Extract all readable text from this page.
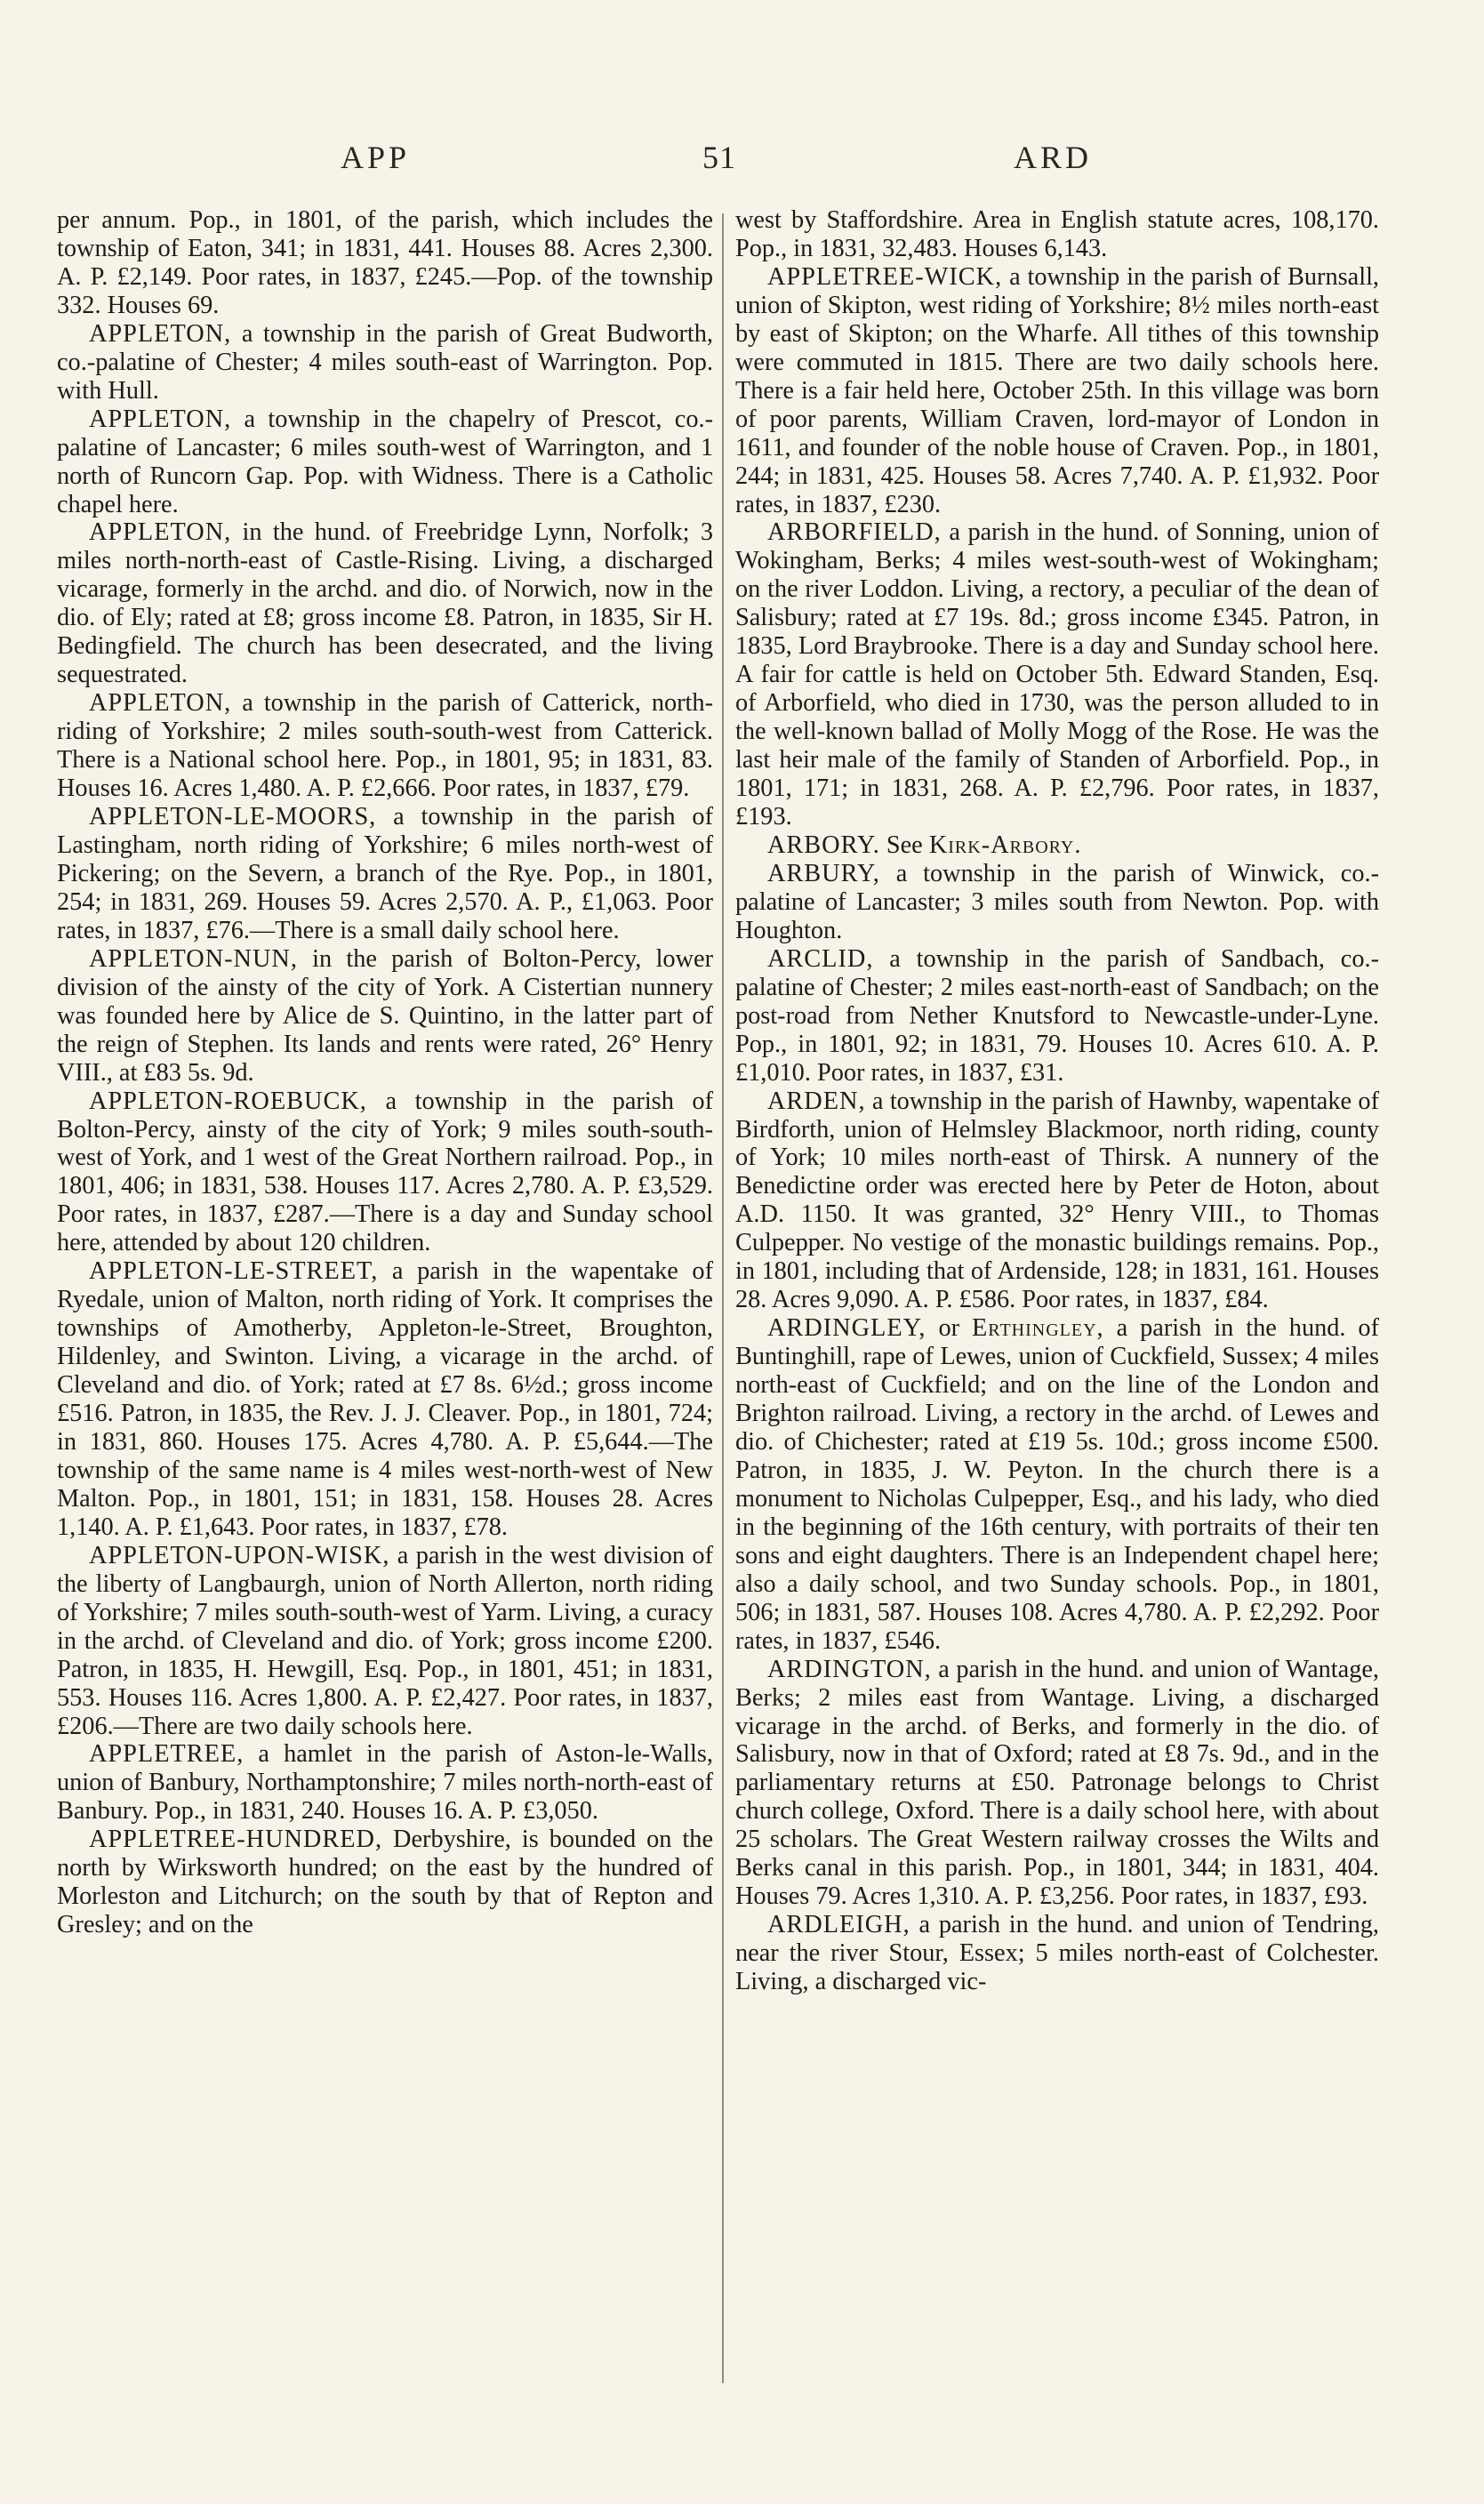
APP	51	ARD

per annum. Pop., in 1801, of the parish, which includes the township of Eaton, 341; in 1831, 441. Houses 88. Acres 2,300. A. P. £2,149. Poor rates, in 1837, £245.—Pop. of the township 332. Houses 69.

APPLETON, a township in the parish of Great Budworth, co.-palatine of Chester; 4 miles south-east of Warrington. Pop. with Hull.

APPLETON, a township in the chapelry of Prescot, co.-palatine of Lancaster; 6 miles south-west of Warrington, and 1 north of Runcorn Gap. Pop. with Widness. There is a Catholic chapel here.

APPLETON, in the hund. of Freebridge Lynn, Norfolk; 3 miles north-north-east of Castle-Rising. Living, a discharged vicarage, formerly in the archd. and dio. of Norwich, now in the dio. of Ely; rated at £8; gross income £8. Patron, in 1835, Sir H. Bedingfield. The church has been desecrated, and the living sequestrated.

APPLETON, a township in the parish of Catterick, north-riding of Yorkshire; 2 miles south-south-west from Catterick. There is a National school here. Pop., in 1801, 95; in 1831, 83. Houses 16. Acres 1,480. A. P. £2,666. Poor rates, in 1837, £79.

APPLETON-LE-MOORS, a township in the parish of Lastingham, north riding of Yorkshire; 6 miles north-west of Pickering; on the Severn, a branch of the Rye. Pop., in 1801, 254; in 1831, 269. Houses 59. Acres 2,570. A. P., £1,063. Poor rates, in 1837, £76.—There is a small daily school here.

APPLETON-NUN, in the parish of Bolton-Percy, lower division of the ainsty of the city of York. A Cistertian nunnery was founded here by Alice de S. Quintino, in the latter part of the reign of Stephen. Its lands and rents were rated, 26° Henry VIII., at £83 5s. 9d.

APPLETON-ROEBUCK, a township in the parish of Bolton-Percy, ainsty of the city of York; 9 miles south-south-west of York, and 1 west of the Great Northern railroad. Pop., in 1801, 406; in 1831, 538. Houses 117. Acres 2,780. A. P. £3,529. Poor rates, in 1837, £287.—There is a day and Sunday school here, attended by about 120 children.

APPLETON-LE-STREET, a parish in the wapentake of Ryedale, union of Malton, north riding of York. It comprises the townships of Amotherby, Appleton-le-Street, Broughton, Hildenley, and Swinton. Living, a vicarage in the archd. of Cleveland and dio. of York; rated at £7 8s. 6½d.; gross income £516. Patron, in 1835, the Rev. J. J. Cleaver. Pop., in 1801, 724; in 1831, 860. Houses 175. Acres 4,780. A. P. £5,644.—The township of the same name is 4 miles west-north-west of New Malton. Pop., in 1801, 151; in 1831, 158. Houses 28. Acres 1,140. A. P. £1,643. Poor rates, in 1837, £78.

APPLETON-UPON-WISK, a parish in the west division of the liberty of Langbaurgh, union of North Allerton, north riding of Yorkshire; 7 miles south-south-west of Yarm. Living, a curacy in the archd. of Cleveland and dio. of York; gross income £200. Patron, in 1835, H. Hewgill, Esq. Pop., in 1801, 451; in 1831, 553. Houses 116. Acres 1,800. A. P. £2,427. Poor rates, in 1837, £206.—There are two daily schools here.

APPLETREE, a hamlet in the parish of Aston-le-Walls, union of Banbury, Northamptonshire; 7 miles north-north-east of Banbury. Pop., in 1831, 240. Houses 16. A. P. £3,050.

APPLETREE-HUNDRED, Derbyshire, is bounded on the north by Wirksworth hundred; on the east by the hundred of Morleston and Litchurch; on the south by that of Repton and Gresley; and on the

west by Staffordshire. Area in English statute acres, 108,170. Pop., in 1831, 32,483. Houses 6,143.

APPLETREE-WICK, a township in the parish of Burnsall, union of Skipton, west riding of Yorkshire; 8½ miles north-east by east of Skipton; on the Wharfe. All tithes of this township were commuted in 1815. There are two daily schools here. There is a fair held here, October 25th. In this village was born of poor parents, William Craven, lord-mayor of London in 1611, and founder of the noble house of Craven. Pop., in 1801, 244; in 1831, 425. Houses 58. Acres 7,740. A. P. £1,932. Poor rates, in 1837, £230.

ARBORFIELD, a parish in the hund. of Sonning, union of Wokingham, Berks; 4 miles west-south-west of Wokingham; on the river Loddon. Living, a rectory, a peculiar of the dean of Salisbury; rated at £7 19s. 8d.; gross income £345. Patron, in 1835, Lord Braybrooke. There is a day and Sunday school here. A fair for cattle is held on October 5th. Edward Standen, Esq. of Arborfield, who died in 1730, was the person alluded to in the well-known ballad of Molly Mogg of the Rose. He was the last heir male of the family of Standen of Arborfield. Pop., in 1801, 171; in 1831, 268. A. P. £2,796. Poor rates, in 1837, £193.

ARBORY. See Kirk-Arbory.

ARBURY, a township in the parish of Winwick, co.-palatine of Lancaster; 3 miles south from Newton. Pop. with Houghton.

ARCLID, a township in the parish of Sandbach, co.-palatine of Chester; 2 miles east-north-east of Sandbach; on the post-road from Nether Knutsford to Newcastle-under-Lyne. Pop., in 1801, 92; in 1831, 79. Houses 10. Acres 610. A. P. £1,010. Poor rates, in 1837, £31.

ARDEN, a township in the parish of Hawnby, wapentake of Birdforth, union of Helmsley Blackmoor, north riding, county of York; 10 miles north-east of Thirsk. A nunnery of the Benedictine order was erected here by Peter de Hoton, about A.D. 1150. It was granted, 32° Henry VIII., to Thomas Culpepper. No vestige of the monastic buildings remains. Pop., in 1801, including that of Ardenside, 128; in 1831, 161. Houses 28. Acres 9,090. A. P. £586. Poor rates, in 1837, £84.

ARDINGLEY, or Erthingley, a parish in the hund. of Buntinghill, rape of Lewes, union of Cuckfield, Sussex; 4 miles north-east of Cuckfield; and on the line of the London and Brighton railroad. Living, a rectory in the archd. of Lewes and dio. of Chichester; rated at £19 5s. 10d.; gross income £500. Patron, in 1835, J. W. Peyton. In the church there is a monument to Nicholas Culpepper, Esq., and his lady, who died in the beginning of the 16th century, with portraits of their ten sons and eight daughters. There is an Independent chapel here; also a daily school, and two Sunday schools. Pop., in 1801, 506; in 1831, 587. Houses 108. Acres 4,780. A. P. £2,292. Poor rates, in 1837, £546.

ARDINGTON, a parish in the hund. and union of Wantage, Berks; 2 miles east from Wantage. Living, a discharged vicarage in the archd. of Berks, and formerly in the dio. of Salisbury, now in that of Oxford; rated at £8 7s. 9d., and in the parliamentary returns at £50. Patronage belongs to Christ church college, Oxford. There is a daily school here, with about 25 scholars. The Great Western railway crosses the Wilts and Berks canal in this parish. Pop., in 1801, 344; in 1831, 404. Houses 79. Acres 1,310. A. P. £3,256. Poor rates, in 1837, £93.

ARDLEIGH, a parish in the hund. and union of Tendring, near the river Stour, Essex; 5 miles north-east of Colchester. Living, a discharged vic-
